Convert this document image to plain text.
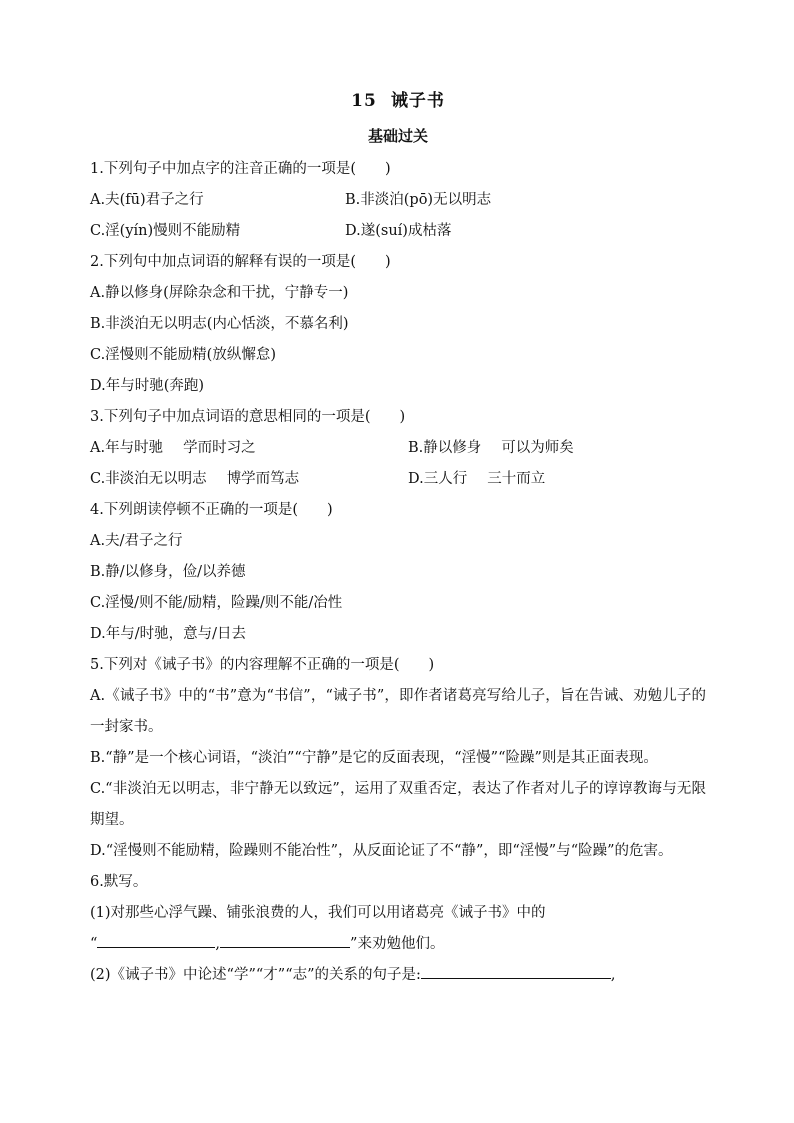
15 诫子书
基础过关
1.下列句子中加点字的注音正确的一项是(　　)
A.夫(fū)君子之行	B.非淡泊(pō)无以明志
C.淫(yín)慢则不能励精	D.遂(suí)成枯落
2.下列句中加点词语的解释有误的一项是(　　)
A.静以修身(屏除杂念和干扰，宁静专一)
B.非淡泊无以明志(内心恬淡，不慕名利)
C.淫慢则不能励精(放纵懈怠)
D.年与时驰(奔跑)
3.下列句子中加点词语的意思相同的一项是(　　)
A.年与时驰 学而时习之	B.静以修身 可以为师矣
C.非淡泊无以明志 博学而笃志	D.三人行 三十而立
4.下列朗读停顿不正确的一项是(　　)
A.夫/君子之行
B.静/以修身，俭/以养德
C.淫慢/则不能/励精，险躁/则不能/冶性
D.年与/时驰，意与/日去
5.下列对《诫子书》的内容理解不正确的一项是(　　)
A.《诫子书》中的“书”意为“书信”，“诫子书”，即作者诸葛亮写给儿子，旨在告诫、劝勉儿子的一封家书。
B.“静”是一个核心词语，“淡泊”“宁静”是它的反面表现，“淫慢”“险躁”则是其正面表现。
C.“非淡泊无以明志，非宁静无以致远”，运用了双重否定，表达了作者对儿子的谆谆教诲与无限期望。
D.“淫慢则不能励精，险躁则不能冶性”，从反面论证了不“静”，即“淫慢”与“险躁”的危害。
6.默写。
(1)对那些心浮气躁、铺张浪费的人，我们可以用诸葛亮《诫子书》中的
“	,	”来劝勉他们。
(2)《诫子书》中论述“学”“才”“志”的关系的句子是:	,
